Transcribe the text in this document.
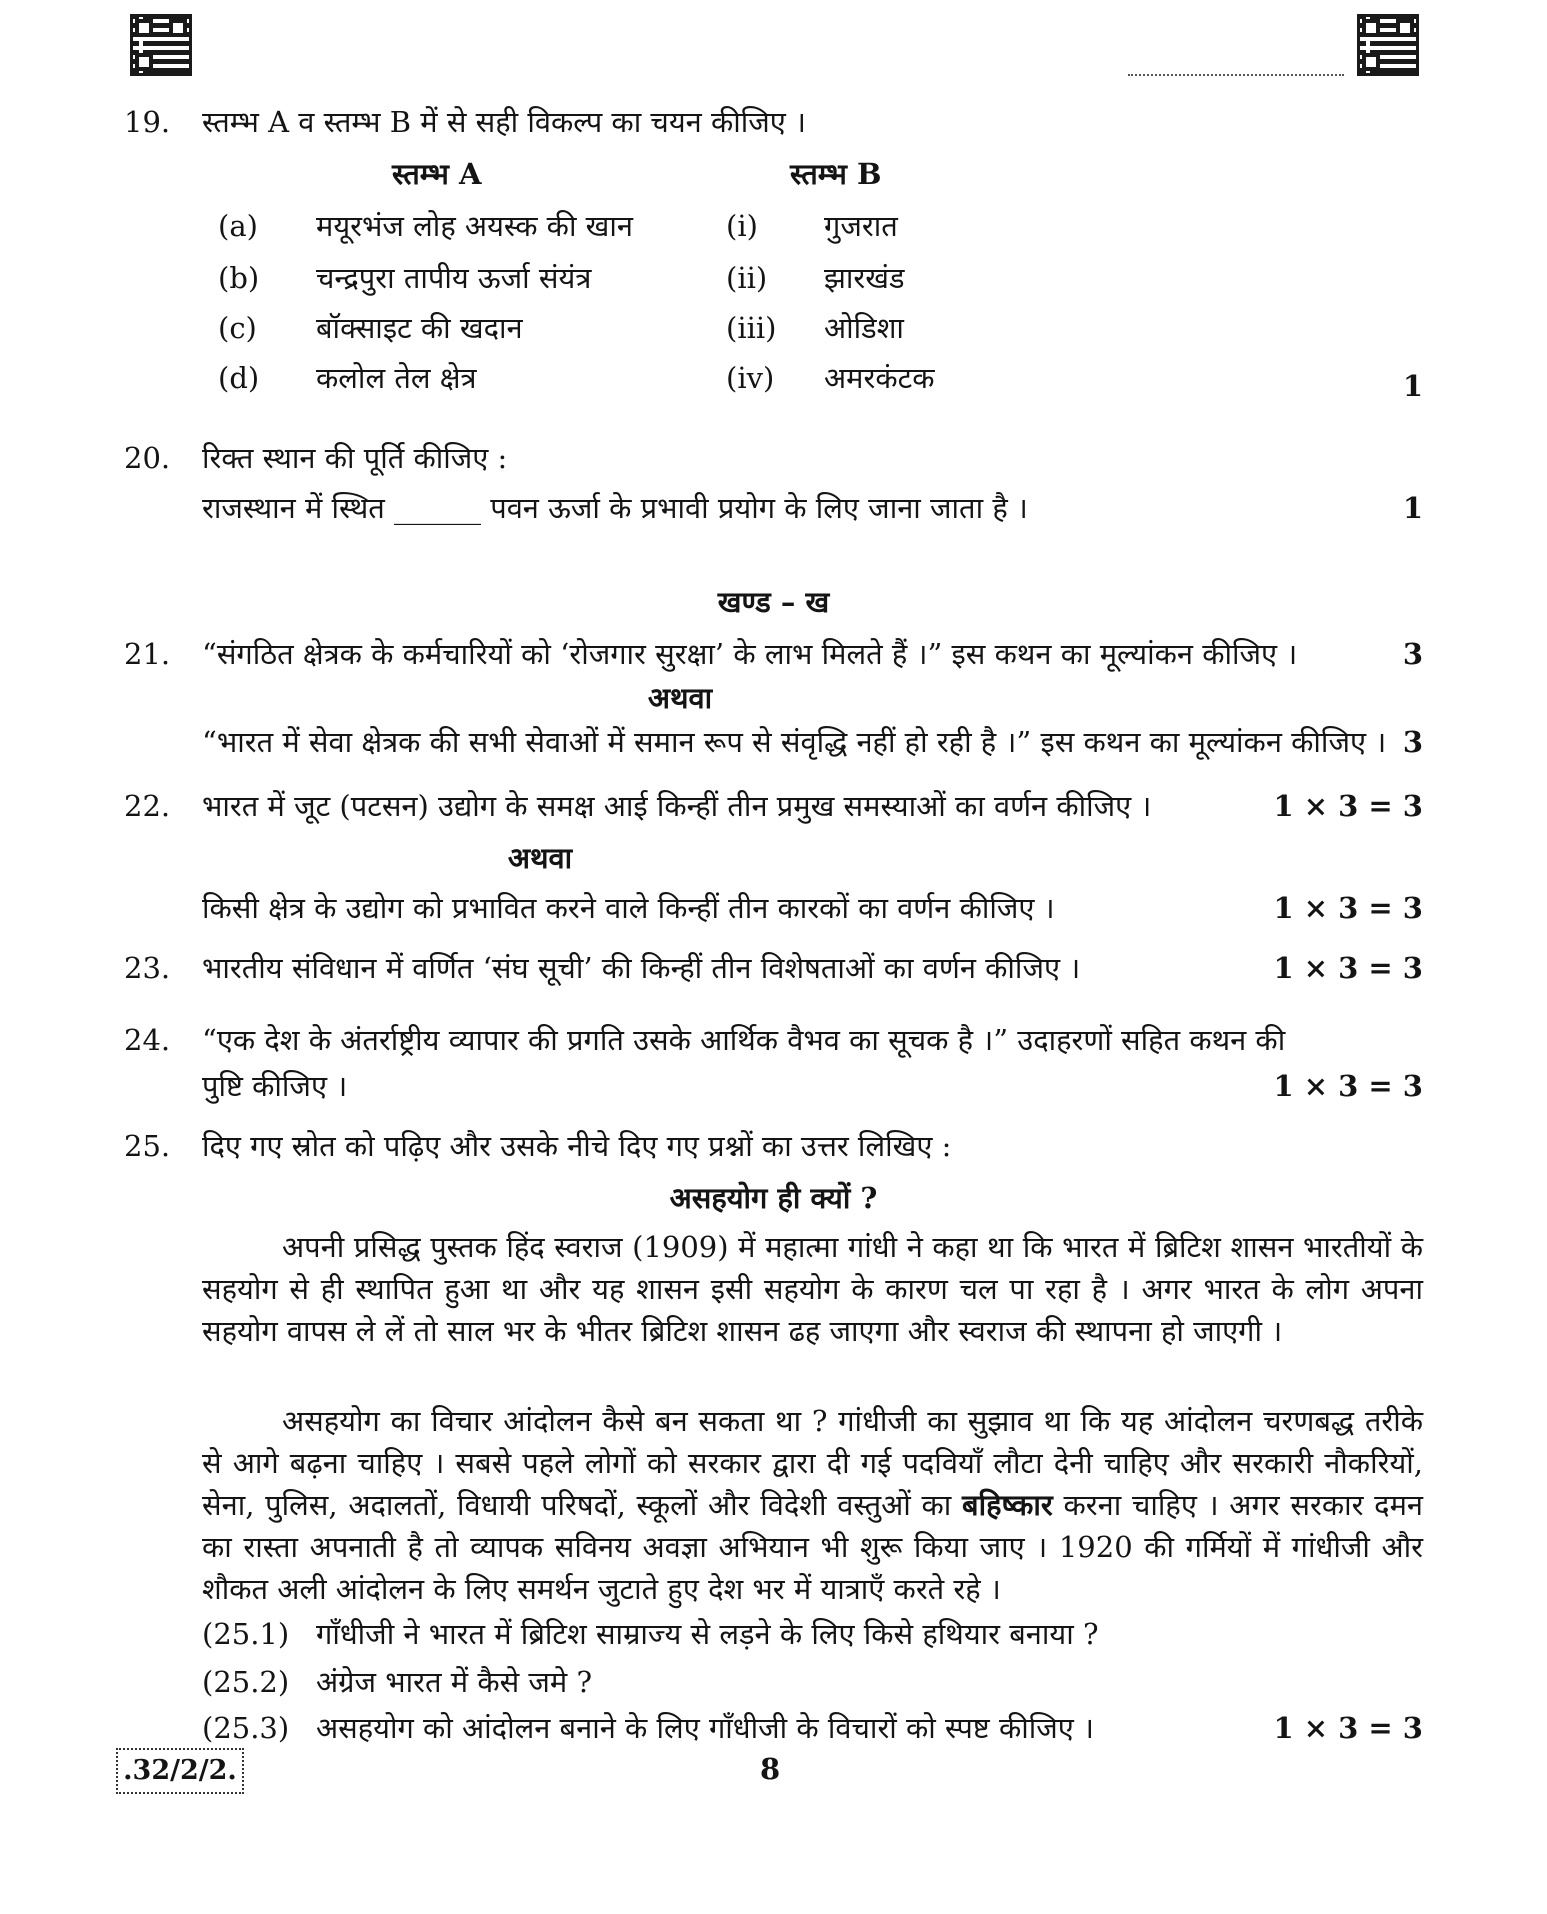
19. स्तम्भ A व स्तम्भ B में से सही विकल्प का चयन कीजिए ।
स्तम्भ A	स्तम्भ B
(a) मयूरभंज लोह अयस्क की खान	(i) गुजरात
(b) चन्द्रपुरा तापीय ऊर्जा संयंत्र	(ii) झारखंड
(c) बॉक्साइट की खदान	(iii) ओडिशा
(d) कलोल तेल क्षेत्र	(iv) अमरकंटक	1
20. रिक्त स्थान की पूर्ति कीजिए :
राजस्थान में स्थित ______ पवन ऊर्जा के प्रभावी प्रयोग के लिए जाना जाता है ।	1
खण्ड – ख
21. “संगठित क्षेत्रक के कर्मचारियों को ‘रोजगार सुरक्षा’ के लाभ मिलते हैं ।” इस कथन का मूल्यांकन कीजिए ।	3
अथवा
“भारत में सेवा क्षेत्रक की सभी सेवाओं में समान रूप से संवृद्धि नहीं हो रही है ।” इस कथन का मूल्यांकन कीजिए । 3
22. भारत में जूट (पटसन) उद्योग के समक्ष आई किन्हीं तीन प्रमुख समस्याओं का वर्णन कीजिए ।	1 × 3 = 3
अथवा
किसी क्षेत्र के उद्योग को प्रभावित करने वाले किन्हीं तीन कारकों का वर्णन कीजिए ।	1 × 3 = 3
23. भारतीय संविधान में वर्णित ‘संघ सूची’ की किन्हीं तीन विशेषताओं का वर्णन कीजिए ।	1 × 3 = 3
24. “एक देश के अंतर्राष्ट्रीय व्यापार की प्रगति उसके आर्थिक वैभव का सूचक है ।” उदाहरणों सहित कथन की
पुष्टि कीजिए ।	1 × 3 = 3
25. दिए गए स्रोत को पढ़िए और उसके नीचे दिए गए प्रश्नों का उत्तर लिखिए :
असहयोग ही क्यों ?
अपनी प्रसिद्ध पुस्तक हिंद स्वराज (1909) में महात्मा गांधी ने कहा था कि भारत में ब्रिटिश शासन भारतीयों के सहयोग से ही स्थापित हुआ था और यह शासन इसी सहयोग के कारण चल पा रहा है । अगर भारत के लोग अपना सहयोग वापस ले लें तो साल भर के भीतर ब्रिटिश शासन ढह जाएगा और स्वराज की स्थापना हो जाएगी ।
असहयोग का विचार आंदोलन कैसे बन सकता था ? गांधीजी का सुझाव था कि यह आंदोलन चरणबद्ध तरीके से आगे बढ़ना चाहिए । सबसे पहले लोगों को सरकार द्वारा दी गई पदवियाँ लौटा देनी चाहिए और सरकारी नौकरियों, सेना, पुलिस, अदालतों, विधायी परिषदों, स्कूलों और विदेशी वस्तुओं का बहिष्कार करना चाहिए । अगर सरकार दमन का रास्ता अपनाती है तो व्यापक सविनय अवज्ञा अभियान भी शुरू किया जाए । 1920 की गर्मियों में गांधीजी और शौकत अली आंदोलन के लिए समर्थन जुटाते हुए देश भर में यात्राएँ करते रहे ।
(25.1) गाँधीजी ने भारत में ब्रिटिश साम्राज्य से लड़ने के लिए किसे हथियार बनाया ?
(25.2) अंग्रेज भारत में कैसे जमे ?
(25.3) असहयोग को आंदोलन बनाने के लिए गाँधीजी के विचारों को स्पष्ट कीजिए ।	1 × 3 = 3
.32/2/2.	8
